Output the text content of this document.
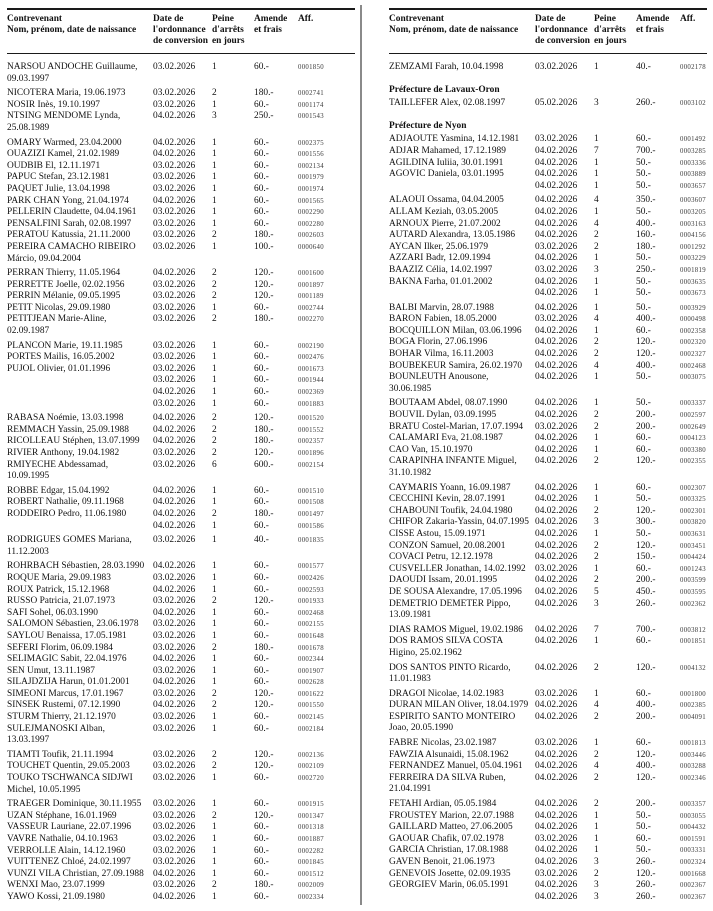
Contrevenant
Nom, prénom, date de naissance
Date de
l'ordonnance
de conversion
Peine
d'arrêts
en jours
Amende
et frais
Aff.
NARSOU ANDOCHE Guillaume,
09.03.1997
03.02.2026	1	60.-	0001850
NICOTERA Maria, 19.06.1973	03.02.2026	2	180.-	0002741
NOSIR Inès, 19.10.1997	03.02.2026	1	60.-	0001174
NTSING MENDOME Lynda,
25.08.1989
04.02.2026	3	250.-	0001543
OMARY Warmed, 23.04.2000	04.02.2026	1	60.-	0002375
OUAZIZI Kamel, 21.02.1989	04.02.2026	1	60.-	0001556
OUDBIB El, 12.11.1971	03.02.2026	1	60.-	0002134
PAPUC Stefan, 23.12.1981	03.02.2026	1	60.-	0001979
PAQUET Julie, 13.04.1998	03.02.2026	1	60.-	0001974
PARK CHAN Yong, 21.04.1974	04.02.2026	1	60.-	0001565
PELLERIN Claudette, 04.04.1961	03.02.2026	1	60.-	0002290
PENSALFINI Sarah, 02.08.1997	03.02.2026	1	60.-	0002280
PERATOU Katussia, 21.11.2000	03.02.2026	2	180.-	0002603
PEREIRA CAMACHO RIBEIRO
Márcio, 09.04.2004
03.02.2026	1	100.-	0000640
PERRAN Thierry, 11.05.1964	04.02.2026	2	120.-	0001600
PERRETTE Joelle, 02.02.1956	03.02.2026	2	120.-	0001897
PERRIN Mélanie, 09.05.1995	03.02.2026	2	120.-	0001189
PETIT Nicolas, 29.09.1980	03.02.2026	1	60.-	0002744
PETITJEAN Marie-Aline,
02.09.1987
03.02.2026	2	180.-	0002270
PLANCON Marie, 19.11.1985	03.02.2026	1	60.-	0002190
PORTES Mailis, 16.05.2002	03.02.2026	1	60.-	0002476
PUJOL Olivier, 01.01.1996	03.02.2026	1	60.-	0001673
03.02.2026	1	60.-	0001944
04.02.2026	1	60.-	0002369
03.02.2026	1	60.-	0001883
RABASA Noémie, 13.03.1998	04.02.2026	2	120.-	0001520
REMMACH Yassin, 25.09.1988	04.02.2026	2	180.-	0001552
RICOLLEAU Stéphen, 13.07.1999	04.02.2026	2	180.-	0002357
RIVIER Anthony, 19.04.1982	03.02.2026	2	120.-	0001896
RMIYECHE Abdessamad,
10.09.1995
03.02.2026	6	600.-	0002154
ROBBE Edgar, 15.04.1992	04.02.2026	1	60.-	0001510
ROBERT Nathalie, 09.11.1968	04.02.2026	1	60.-	0001508
RODDEIRO Pedro, 11.06.1980	04.02.2026	2	180.-	0001497
04.02.2026	1	60.-	0001586
RODRIGUES GOMES Mariana,
11.12.2003
03.02.2026	1	40.-	0001835
ROHRBACH Sébastien, 28.03.1990 04.02.2026	1	60.-	0001577
ROQUE Maria, 29.09.1983	03.02.2026	1	60.-	0002426
ROUX Patrick, 15.12.1968	04.02.2026	1	60.-	0002593
RUSSO Patricia, 21.07.1973	03.02.2026	2	120.-	0001933
SAFI Sohel, 06.03.1990	04.02.2026	1	60.-	0002468
SALOMON Sébastien, 23.06.1978	03.02.2026	1	60.-	0002155
SAYLOU Benaissa, 17.05.1981	03.02.2026	1	60.-	0001648
SEFERI Florim, 06.09.1984	03.02.2026	2	180.-	0001678
SELIMAGIC Sabit, 22.04.1976	04.02.2026	1	60.-	0002344
SEN Umut, 13.11.1987	03.02.2026	1	60.-	0001907
SILAJDZIJA Harun, 01.01.2001	04.02.2026	1	60.-	0002628
SIMEONI Marcus, 17.01.1967	03.02.2026	2	120.-	0001622
SINSEK Rustemi, 07.12.1990	04.02.2026	2	120.-	0001550
STURM Thierry, 21.12.1970	03.02.2026	1	60.-	0002145
SULEJMANOSKI Alban,
13.03.1997
03.02.2026	1	60.-	0002184
TIAMTI Toufik, 21.11.1994	03.02.2026	2	120.-	0002136
TOUCHET Quentin, 29.05.2003	03.02.2026	2	120.-	0002109
TOUKO TSCHWANCA SIDJWI
Michel, 10.05.1995
03.02.2026	1	60.-	0002720
TRAEGER Dominique, 30.11.1955	03.02.2026	1	60.-	0001915
UZAN Stéphane, 16.01.1969	03.02.2026	2	120.-	0001347
VASSEUR Lauriane, 22.07.1996	03.02.2026	1	60.-	0001318
VAVRE Nathalie, 04.10.1963	03.02.2026	1	60.-	0001887
VERROLLE Alain, 14.12.1960	03.02.2026	1	60.-	0002282
VUITTENEZ Chloé, 24.02.1997	03.02.2026	1	60.-	0001845
VUNZI VILA Christian, 27.09.1988 04.02.2026	1	60.-	0001512
WENXI Mao, 23.07.1999	03.02.2026	2	180.-	0002009
YAWO Kossi, 21.09.1980	04.02.2026	1	60.-	0002334
Contrevenant
Nom, prénom, date de naissance
Date de
l'ordonnance
de conversion
Peine
d'arrêts
en jours
Amende
et frais
Aff.
ZEMZAMI Farah, 10.04.1998	03.02.2026	1	40.-	0002178
Préfecture de Lavaux-Oron
TAILLEFER Alex, 02.08.1997	05.02.2026	3	260.-	0003102
Préfecture de Nyon
ADJAOUTE Yasmina, 14.12.1981	03.02.2026	1	60.-	0001492
ADJAR Mahamed, 17.12.1989	04.02.2026	7	700.-	0003285
AGILDINA Iuliia, 30.01.1991	04.02.2026	1	50.-	0003336
AGOVIC Daniela, 03.01.1995	04.02.2026	1	50.-	0003889
04.02.2026	1	50.-	0003657
ALAOUI Ossama, 04.04.2005	04.02.2026	4	350.-	0003607
ALLAM Keziah, 03.05.2005	04.02.2026	1	50.-	0003205
ARNOUX Pierre, 21.07.2002	04.02.2026	4	400.-	0003163
AUTARD Alexandra, 13.05.1986	04.02.2026	2	160.-	0004156
AYCAN Ilker, 25.06.1979	03.02.2026	2	180.-	0001292
AZZARI Badr, 12.09.1994	04.02.2026	1	50.-	0003229
BAAZIZ Célia, 14.02.1997	03.02.2026	3	250.-	0001819
BAKNA Farha, 01.01.2002	04.02.2026	1	50.-	0003635
04.02.2026	1	50.-	0003673
BALBI Marvin, 28.07.1988	04.02.2026	1	50.-	0003929
BARON Fabien, 18.05.2000	03.02.2026	4	400.-	0000498
BOCQUILLON Milan, 03.06.1996	04.02.2026	1	60.-	0002358
BOGA Florin, 27.06.1996	04.02.2026	2	120.-	0002320
BOHAR Vilma, 16.11.2003	04.02.2026	2	120.-	0002327
BOUBEKEUR Samira, 26.02.1970	04.02.2026	4	400.-	0002468
BOUNLEUTH Anousone,
30.06.1985
04.02.2026	1	50.-	0003075
BOUTAAM Abdel, 08.07.1990	04.02.2026	1	50.-	0003337
BOUVIL Dylan, 03.09.1995	04.02.2026	2	200.-	0002597
BRATU Costel-Marian, 17.07.1994	03.02.2026	2	200.-	0002649
CALAMARI Eva, 21.08.1987	04.02.2026	1	60.-	0004123
CAO Van, 15.10.1970	04.02.2026	1	60.-	0003380
CARAPINHA INFANTE Miguel,
31.10.1982
04.02.2026	2	120.-	0002355
CAYMARIS Yoann, 16.09.1987	04.02.2026	1	60.-	0002307
CECCHINI Kevin, 28.07.1991	04.02.2026	1	50.-	0003325
CHABOUNI Toufik, 24.04.1980	04.02.2026	2	120.-	0002301
CHIFOR Zakaria-Yassin, 04.07.1995 04.02.2026	3	300.-	0003820
CISSE Astou, 15.09.1971	04.02.2026	1	50.-	0003631
CONZON Samuel, 20.08.2001	04.02.2026	2	120.-	0003451
COVACI Petru, 12.12.1978	04.02.2026	2	150.-	0004424
CUSVELLER Jonathan, 14.02.1992 03.02.2026	1	60.-	0001243
DAOUDI Issam, 20.01.1995	04.02.2026	2	200.-	0003599
DE SOUSA Alexandre, 17.05.1996	04.02.2026	5	450.-	0003595
DEMETRIO DEMETER Pippo,
13.09.1981
04.02.2026	3	260.-	0002362
DIAS RAMOS Miguel, 19.02.1986	04.02.2026	7	700.-	0003812
DOS RAMOS SILVA COSTA
Higino, 25.02.1962
04.02.2026	1	60.-	0001851
DOS SANTOS PINTO Ricardo,
11.01.1983
04.02.2026	2	120.-	0004132
DRAGOI Nicolae, 14.02.1983	03.02.2026	1	60.-	0001800
DURAN MILAN Oliver, 18.04.1979 04.02.2026	4	400.-	0002385
ESPIRITO SANTO MONTEIRO
Joao, 20.05.1990
04.02.2026	2	200.-	0004091
FABRE Nicolas, 23.02.1987	03.02.2026	1	60.-	0001813
FAWZIA Alsunaidi, 15.08.1962	04.02.2026	2	120.-	0003446
FERNANDEZ Manuel, 05.04.1961	04.02.2026	4	400.-	0003288
FERREIRA DA SILVA Ruben,
21.04.1991
04.02.2026	2	120.-	0002346
FETAHI Ardian, 05.05.1984	04.02.2026	2	200.-	0003357
FROUSTEY Marion, 22.07.1988	04.02.2026	1	50.-	0003055
GAILLARD Matteo, 27.06.2005	04.02.2026	1	50.-	0004432
GAOUAR Chafik, 07.02.1978	03.02.2026	1	60.-	0001591
GARCIA Christian, 17.08.1988	04.02.2026	1	50.-	0003331
GAVEN Benoit, 21.06.1973	04.02.2026	3	260.-	0002324
GENEVOIS Josette, 02.09.1935	03.02.2026	2	120.-	0001668
GEORGIEV Marin, 06.05.1991	04.02.2026	3	260.-	0002367
04.02.2026	3	260.-	0002367
